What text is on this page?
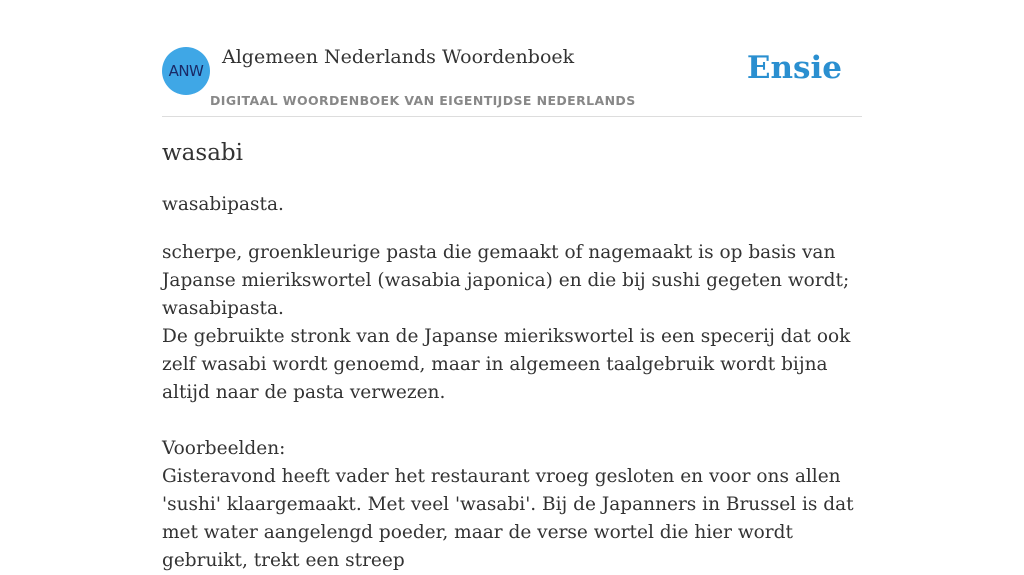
ANW
Algemeen Nederlands Woordenboek
DIGITAAL WOORDENBOEK VAN EIGENTIJDSE NEDERLANDS
Ensie
wasabi
wasabipasta.

scherpe, groenkleurige pasta die gemaakt of nagemaakt is op basis van Japanse mierikswortel (wasabia japonica) en die bij sushi gegeten wordt; wasabipasta.

De gebruikte stronk van de Japanse mierikswortel is een specerij dat ook zelf wasabi wordt genoemd, maar in algemeen taalgebruik wordt bijna altijd naar de pasta verwezen.

Voorbeelden:

Gisteravond heeft vader het restaurant vroeg gesloten en voor ons allen 'sushi' klaargemaakt. Met veel 'wasabi'. Bij de Japanners in Brussel is dat met water aangelengd poeder, maar de verse wortel die hier wordt gebruikt, trekt een streep
